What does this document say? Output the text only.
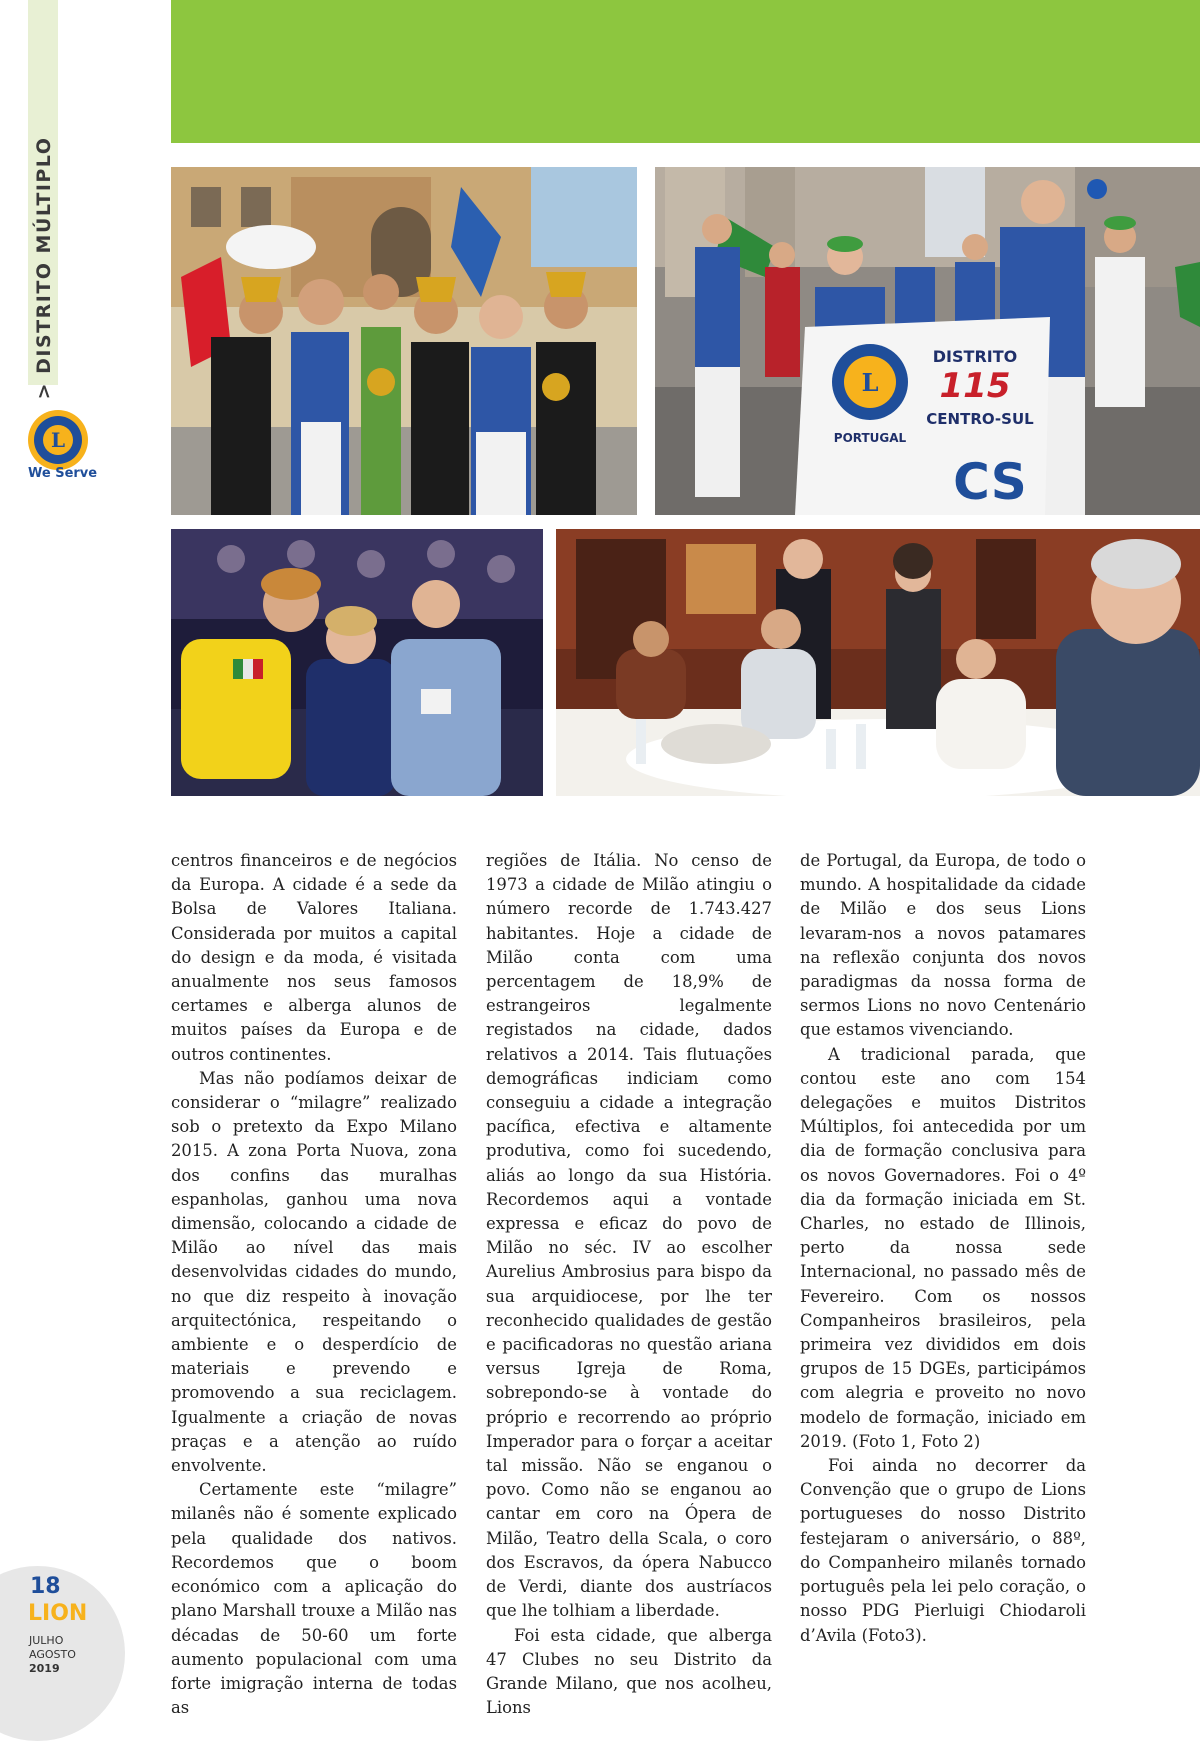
> DISTRITO MÚLTIPLO
L
We Serve
L
DISTRITO
115
CENTRO-SUL
PORTUGAL
CS

centros financeiros e de negócios da Europa. A cidade é a sede da Bolsa de Valores Italiana. Considerada por muitos a capital do design e da moda, é visitada anualmente nos seus famosos certames e alberga alunos de muitos países da Europa e de outros continentes.

Mas não podíamos deixar de considerar o “milagre” realizado sob o pretexto da Expo Milano 2015. A zona Porta Nuova, zona dos confins das muralhas espanholas, ganhou uma nova dimensão, colocando a cidade de Milão ao nível das mais desenvolvidas cidades do mundo, no que diz respeito à inovação arquitectónica, respeitando o ambiente e o desperdício de materiais e prevendo e promovendo a sua reciclagem. Igualmente a criação de novas praças e a atenção ao ruído envolvente.

Certamente este “milagre” milanês não é somente explicado pela qualidade dos nativos. Recordemos que o boom económico com a aplicação do plano Marshall trouxe a Milão nas décadas de 50-60 um forte aumento populacional com uma forte imigração interna de todas as

regiões de Itália. No censo de 1973 a cidade de Milão atingiu o número recorde de 1.743.427 habitantes. Hoje a cidade de Milão conta com uma percentagem de 18,9% de estrangeiros legalmente registados na cidade, dados relativos a 2014. Tais flutuações demográficas indiciam como conseguiu a cidade a integração pacífica, efectiva e altamente produtiva, como foi sucedendo, aliás ao longo da sua História. Recordemos aqui a vontade expressa e eficaz do povo de Milão no séc. IV ao escolher Aurelius Ambrosius para bispo da sua arquidiocese, por lhe ter reconhecido qualidades de gestão e pacificadoras no questão ariana versus Igreja de Roma, sobrepondo-se à vontade do próprio e recorrendo ao próprio Imperador para o forçar a aceitar tal missão. Não se enganou o povo. Como não se enganou ao cantar em coro na Ópera de Milão, Teatro della Scala, o coro dos Escravos, da ópera Nabucco de Verdi, diante dos austríacos que lhe tolhiam a liberdade.

Foi esta cidade, que alberga 47 Clubes no seu Distrito da Grande Milano, que nos acolheu, Lions

de Portugal, da Europa, de todo o mundo. A hospitalidade da cidade de Milão e dos seus Lions levaram-nos a novos patamares na reflexão conjunta dos novos paradigmas da nossa forma de sermos Lions no novo Centenário que estamos vivenciando.

A tradicional parada, que contou este ano com 154 delegações e muitos Distritos Múltiplos, foi antecedida por um dia de formação conclusiva para os novos Governadores. Foi o 4º dia da formação iniciada em St. Charles, no estado de Illinois, perto da nossa sede Internacional, no passado mês de Fevereiro. Com os nossos Companheiros brasileiros, pela primeira vez divididos em dois grupos de 15 DGEs, participámos com alegria e proveito no novo modelo de formação, iniciado em 2019. (Foto 1, Foto 2)

Foi ainda no decorrer da Convenção que o grupo de Lions portugueses do nosso Distrito festejaram o aniversário, o 88º, do Companheiro milanês tornado português pela lei pelo coração, o nosso PDG Pierluigi Chiodaroli d’Avila (Foto3).

18
LION
JULHO
AGOSTO
2019
